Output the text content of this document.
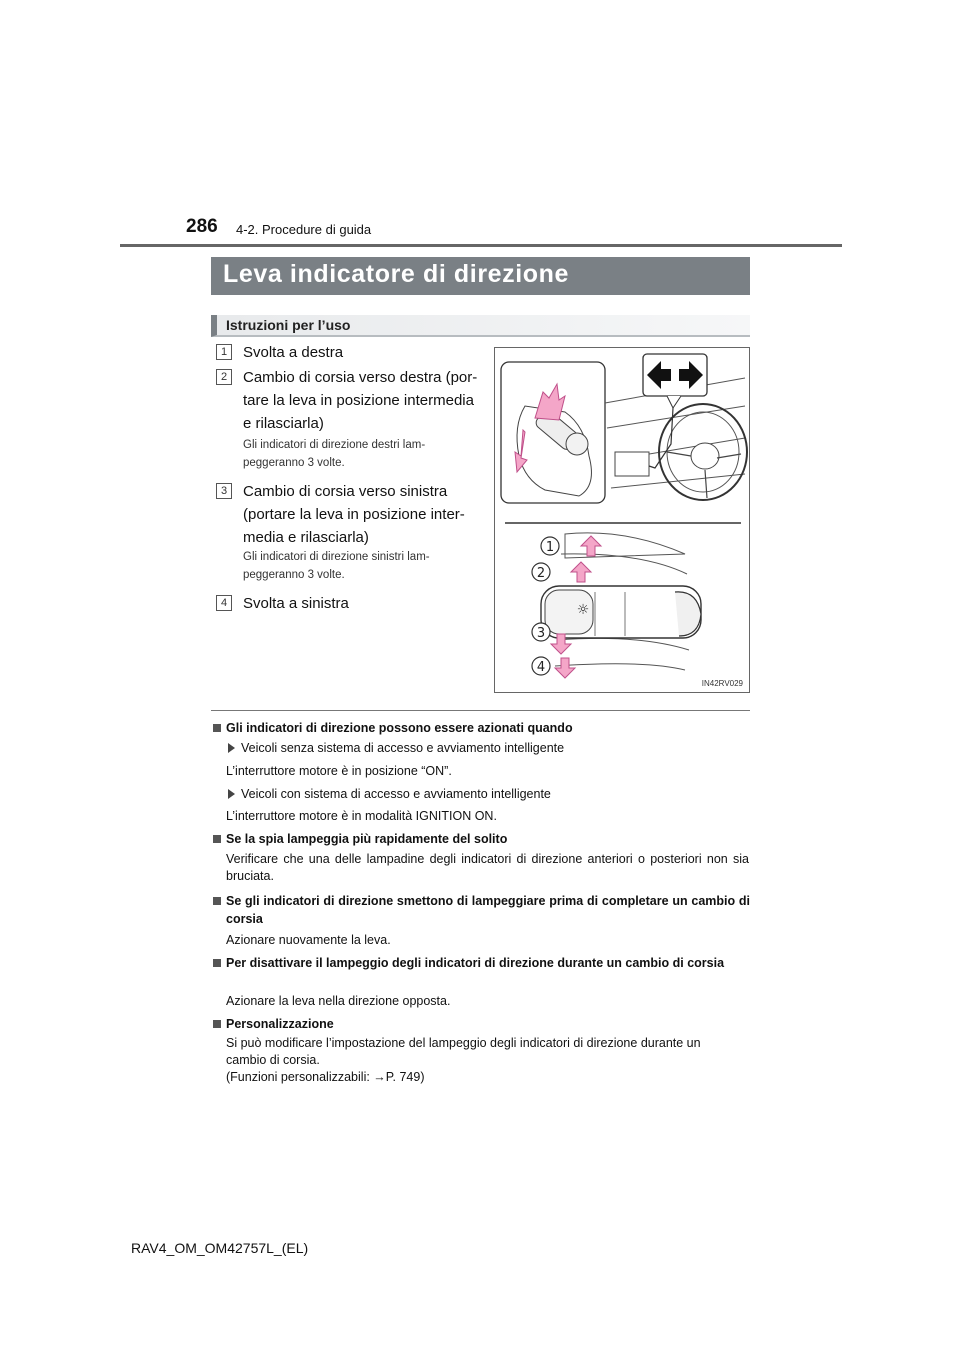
286 4-2. Procedure di guida
Leva indicatore di direzione
Istruzioni per l’uso
1	Svolta a destra
2	Cambio di corsia verso destra (por-
tare la leva in posizione intermedia
e rilasciarla)
Gli indicatori di direzione destri lam-
peggeranno 3 volte.
3	Cambio di corsia verso sinistra
(portare la leva in posizione inter-
media e rilasciarla)
Gli indicatori di direzione sinistri lam-
peggeranno 3 volte.
4	Svolta a sinistra	☼
1
2
3
4
IN42RV029
Gli indicatori di direzione possono essere azionati quando
Veicoli senza sistema di accesso e avviamento intelligente
L’interruttore motore è in posizione “ON”.
Veicoli con sistema di accesso e avviamento intelligente
L’interruttore motore è in modalità IGNITION ON.
Se la spia lampeggia più rapidamente del solito
Verificare che una delle lampadine degli indicatori di direzione anteriori o posteriori non sia bruciata.
Se gli indicatori di direzione smettono di lampeggiare prima di completare un cambio di corsia
Azionare nuovamente la leva.
Per disattivare il lampeggio degli indicatori di direzione durante un cambio di corsia
Azionare la leva nella direzione opposta.
Personalizzazione
Si può modificare l’impostazione del lampeggio degli indicatori di direzione durante un
cambio di corsia.
(Funzioni personalizzabili: →P. 749)
RAV4_OM_OM42757L_(EL)
